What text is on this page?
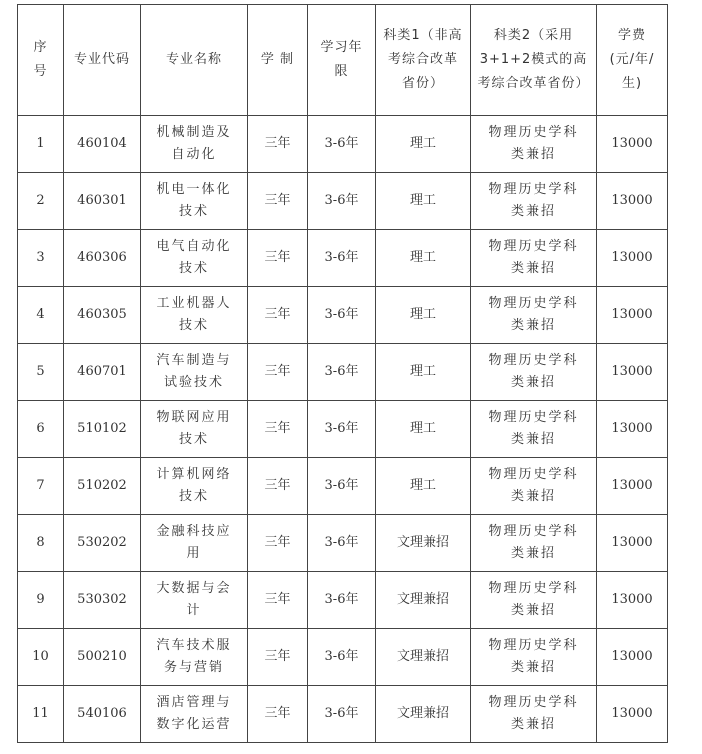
序号	专业代码	专业名称	学 制	学习年限	科类1（非高考综合改革省份）	科类2（采用3+1+2模式的高考综合改革省份）	学费(元/年/生)
1	460104	机械制造及自动化	三年	3-6年	理工	物理历史学科类兼招	13000
2	460301	机电一体化技术	三年	3-6年	理工	物理历史学科类兼招	13000
3	460306	电气自动化技术	三年	3-6年	理工	物理历史学科类兼招	13000
4	460305	工业机器人技术	三年	3-6年	理工	物理历史学科类兼招	13000
5	460701	汽车制造与试验技术	三年	3-6年	理工	物理历史学科类兼招	13000
6	510102	物联网应用技术	三年	3-6年	理工	物理历史学科类兼招	13000
7	510202	计算机网络技术	三年	3-6年	理工	物理历史学科类兼招	13000
8	530202	金融科技应用	三年	3-6年	文理兼招	物理历史学科类兼招	13000
9	530302	大数据与会计	三年	3-6年	文理兼招	物理历史学科类兼招	13000
10	500210	汽车技术服务与营销	三年	3-6年	文理兼招	物理历史学科类兼招	13000
11	540106	酒店管理与数字化运营	三年	3-6年	文理兼招	物理历史学科类兼招	13000
